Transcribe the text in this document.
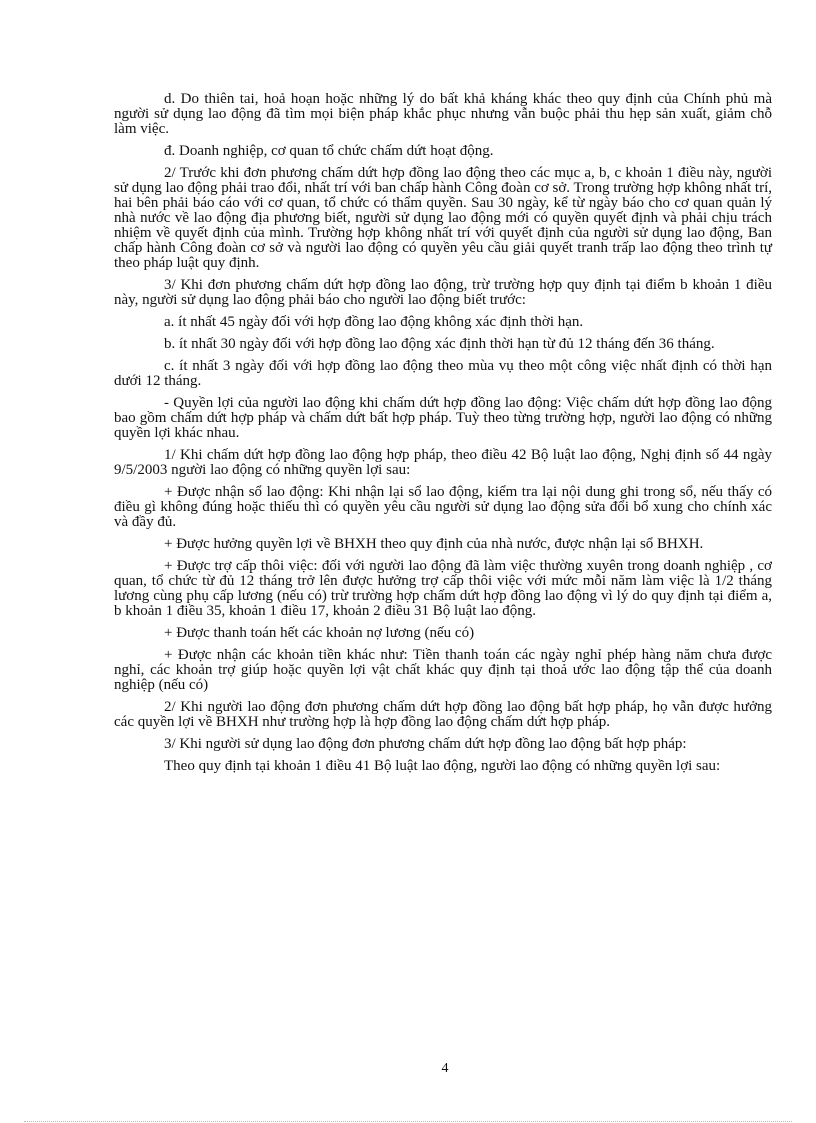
d. Do thiên tai, hoả hoạn hoặc những lý do bất khả kháng khác theo quy định của Chính phủ mà người sử dụng lao động đã tìm mọi biện pháp khắc phục nhưng vẫn buộc phải thu hẹp sản xuất, giảm chỗ làm việc.

đ. Doanh nghiệp, cơ quan tổ chức chấm dứt hoạt động.

2/ Trước khi đơn phương chấm dứt hợp đồng lao động theo các mục a, b, c khoản 1 điều này, người sử dụng lao động phải trao đổi, nhất trí với ban chấp hành Công đoàn cơ sở. Trong trường hợp không nhất trí, hai bên phải báo cáo với cơ quan, tổ chức có thẩm quyền. Sau 30 ngày, kể từ ngày báo cho cơ quan quản lý nhà nước về lao động địa phương biết, người sử dụng lao động mới có quyền quyết định và phải chịu trách nhiệm về quyết định của mình. Trường hợp không nhất trí với quyết định của người sử dụng lao động, Ban chấp hành Công đoàn cơ sở và người lao động có quyền yêu cầu giải quyết tranh trấp lao động theo trình tự theo pháp luật quy định.

3/ Khi đơn phương chấm dứt hợp đồng lao động, trừ trường hợp quy định tại điểm b khoản 1 điều này, người sử dụng lao động phải báo cho người lao động biết trước:

a. ít nhất 45 ngày đối với hợp đồng lao động không xác định thời hạn.

b. ít nhất 30 ngày đối với hợp đồng lao động xác định thời hạn từ đủ 12 tháng đến 36 tháng.

c. ít nhất 3 ngày đối với hợp đồng lao động theo mùa vụ theo một công việc nhất định có thời hạn dưới 12 tháng.

- Quyền lợi của người lao động khi chấm dứt hợp đồng lao động: Việc chấm dứt hợp đồng lao động bao gồm chấm dứt hợp pháp và chấm dứt bất hợp pháp. Tuỳ theo từng trường hợp, người lao động có những quyền lợi khác nhau.

1/ Khi chấm dứt hợp đồng lao động hợp pháp, theo điều 42 Bộ luật lao động, Nghị định số 44 ngày 9/5/2003 người lao động có những quyền lợi sau:

+ Được nhận sổ lao động: Khi nhận lại sổ lao động, kiểm tra lại nội dung ghi trong sổ, nếu thấy có điều gì không đúng hoặc thiếu thì có quyền yêu cầu người sử dụng lao động sửa đổi bổ xung cho chính xác và đầy đủ.

+ Được hưởng quyền lợi về BHXH theo quy định của nhà nước, được nhận lại sổ BHXH.

+ Được trợ cấp thôi việc: đối với người lao động đã làm việc thường xuyên trong doanh nghiệp , cơ quan, tổ chức từ đủ 12 tháng trở lên được hưởng trợ cấp thôi việc với mức mỗi năm làm việc là 1/2 tháng lương cùng phụ cấp lương (nếu có) trừ trường hợp chấm dứt hợp đồng lao động vì lý do quy định tại điểm a, b khoản 1 điều 35, khoản 1 điều 17, khoản 2 điều 31 Bộ luật lao động.

+ Được thanh toán hết các khoản nợ lương (nếu có)

+ Được nhận các khoản tiền khác như: Tiền thanh toán các ngày nghỉ phép hàng năm chưa được nghỉ, các khoản trợ giúp hoặc quyền lợi vật chất khác quy định tại thoả ước lao động tập thể của doanh nghiệp (nếu có)

2/ Khi người lao động đơn phương chấm dứt hợp đồng lao động bất hợp pháp, họ vẫn được hưởng các quyền lợi về BHXH như trường hợp là hợp đồng lao động chấm dứt hợp pháp.

3/ Khi người sử dụng lao động đơn phương chấm dứt hợp đồng lao động bất hợp pháp:

Theo quy định tại khoản 1 điều 41 Bộ luật lao động, người lao động có những quyền lợi sau:

4
